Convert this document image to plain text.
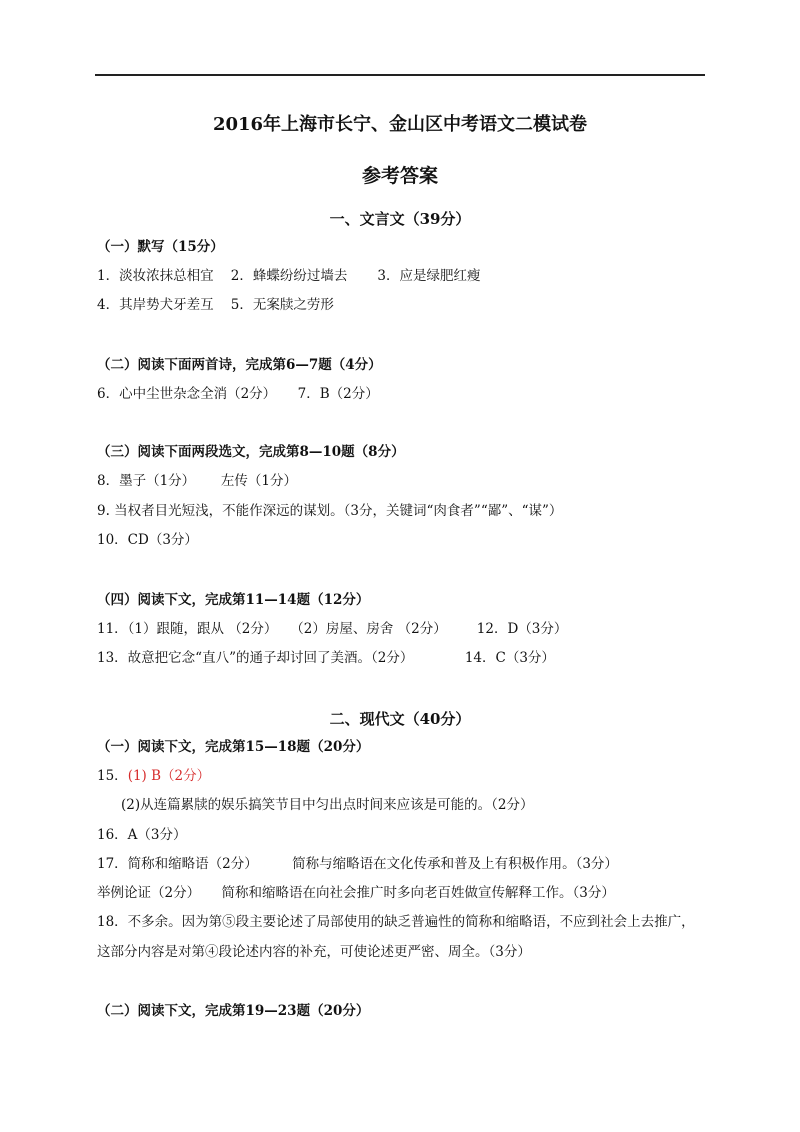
2016年上海市长宁、金山区中考语文二模试卷
参考答案
一、文言文（39分）
（一）默写（15分）
1．淡妆浓抹总相宜    2．蜂蝶纷纷过墙去       3．应是绿肥红瘦
4．其岸势犬牙差互    5．无案牍之劳形
（二）阅读下面两首诗，完成第6—7题（4分）
6．心中尘世杂念全消（2分）     7．B（2分）
（三）阅读下面两段选文，完成第8—10题（8分）
8．墨子（1分）      左传（1分）
9. 当权者目光短浅，不能作深远的谋划。（3分，关键词“肉食者”“鄙”、“谋”）
10．CD（3分）
（四）阅读下文，完成第11—14题（12分）
11．（1）跟随，跟从 （2分）   （2）房屋、房舍 （2分）       12．D（3分）
13．故意把它念“直八”的通子却讨回了美酒。（2分）            14．C（3分）
二、现代文（40分）
（一）阅读下文，完成第15—18题（20分）
15．(1) B（2分）
(2)从连篇累牍的娱乐搞笑节目中匀出点时间来应该是可能的。（2分）
16．A（3分）
17．简称和缩略语（2分）        简称与缩略语在文化传承和普及上有积极作用。（3分）
举例论证（2分）     简称和缩略语在向社会推广时多向老百姓做宣传解释工作。（3分）
18．不多余。因为第⑤段主要论述了局部使用的缺乏普遍性的简称和缩略语，不应到社会上去推广，
这部分内容是对第④段论述内容的补充，可使论述更严密、周全。（3分）
（二）阅读下文，完成第19—23题（20分）
